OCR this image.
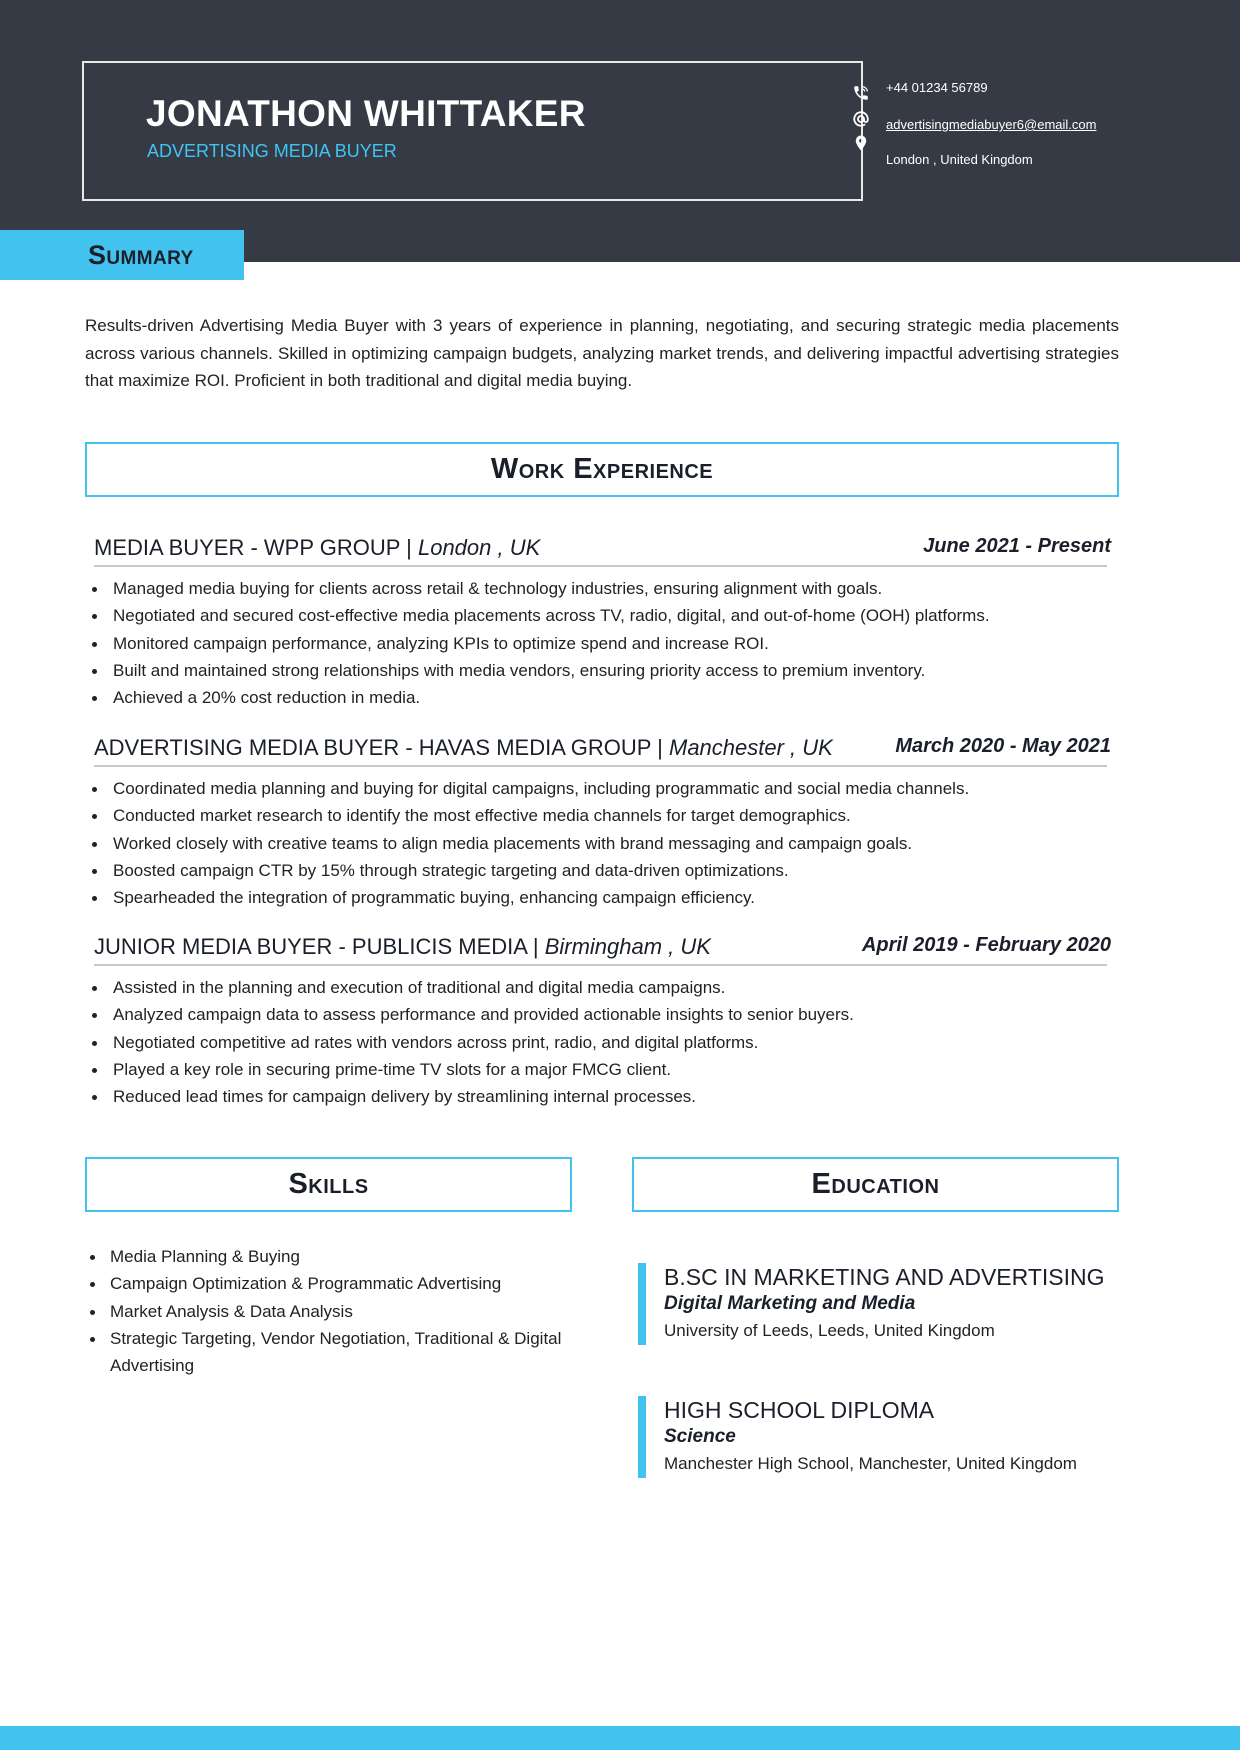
JONATHON WHITTAKER
ADVERTISING MEDIA BUYER
+44 01234 56789
advertisingmediabuyer6@email.com
London , United Kingdom
Summary

Results-driven Advertising Media Buyer with 3 years of experience in planning, negotiating, and securing strategic media placements across various channels. Skilled in optimizing campaign budgets, analyzing market trends, and delivering impactful advertising strategies that maximize ROI. Proficient in both traditional and digital media buying.

Work Experience
MEDIA BUYER - WPP GROUP | London , UK	June 2021 - Present
Managed media buying for clients across retail & technology industries, ensuring alignment with goals.
Negotiated and secured cost-effective media placements across TV, radio, digital, and out-of-home (OOH) platforms.
Monitored campaign performance, analyzing KPIs to optimize spend and increase ROI.
Built and maintained strong relationships with media vendors, ensuring priority access to premium inventory.
Achieved a 20% cost reduction in media.
ADVERTISING MEDIA BUYER - HAVAS MEDIA GROUP | Manchester , UK	March 2020 - May 2021
Coordinated media planning and buying for digital campaigns, including programmatic and social media channels.
Conducted market research to identify the most effective media channels for target demographics.
Worked closely with creative teams to align media placements with brand messaging and campaign goals.
Boosted campaign CTR by 15% through strategic targeting and data-driven optimizations.
Spearheaded the integration of programmatic buying, enhancing campaign efficiency.
JUNIOR MEDIA BUYER - PUBLICIS MEDIA | Birmingham , UK	April 2019 - February 2020
Assisted in the planning and execution of traditional and digital media campaigns.
Analyzed campaign data to assess performance and provided actionable insights to senior buyers.
Negotiated competitive ad rates with vendors across print, radio, and digital platforms.
Played a key role in securing prime-time TV slots for a major FMCG client.
Reduced lead times for campaign delivery by streamlining internal processes.
Skills
Media Planning & Buying
Campaign Optimization & Programmatic Advertising
Market Analysis & Data Analysis
Strategic Targeting, Vendor Negotiation, Traditional & Digital Advertising
Education
B.SC IN MARKETING AND ADVERTISING
Digital Marketing and Media
University of Leeds, Leeds, United Kingdom
HIGH SCHOOL DIPLOMA
Science
Manchester High School, Manchester, United Kingdom
